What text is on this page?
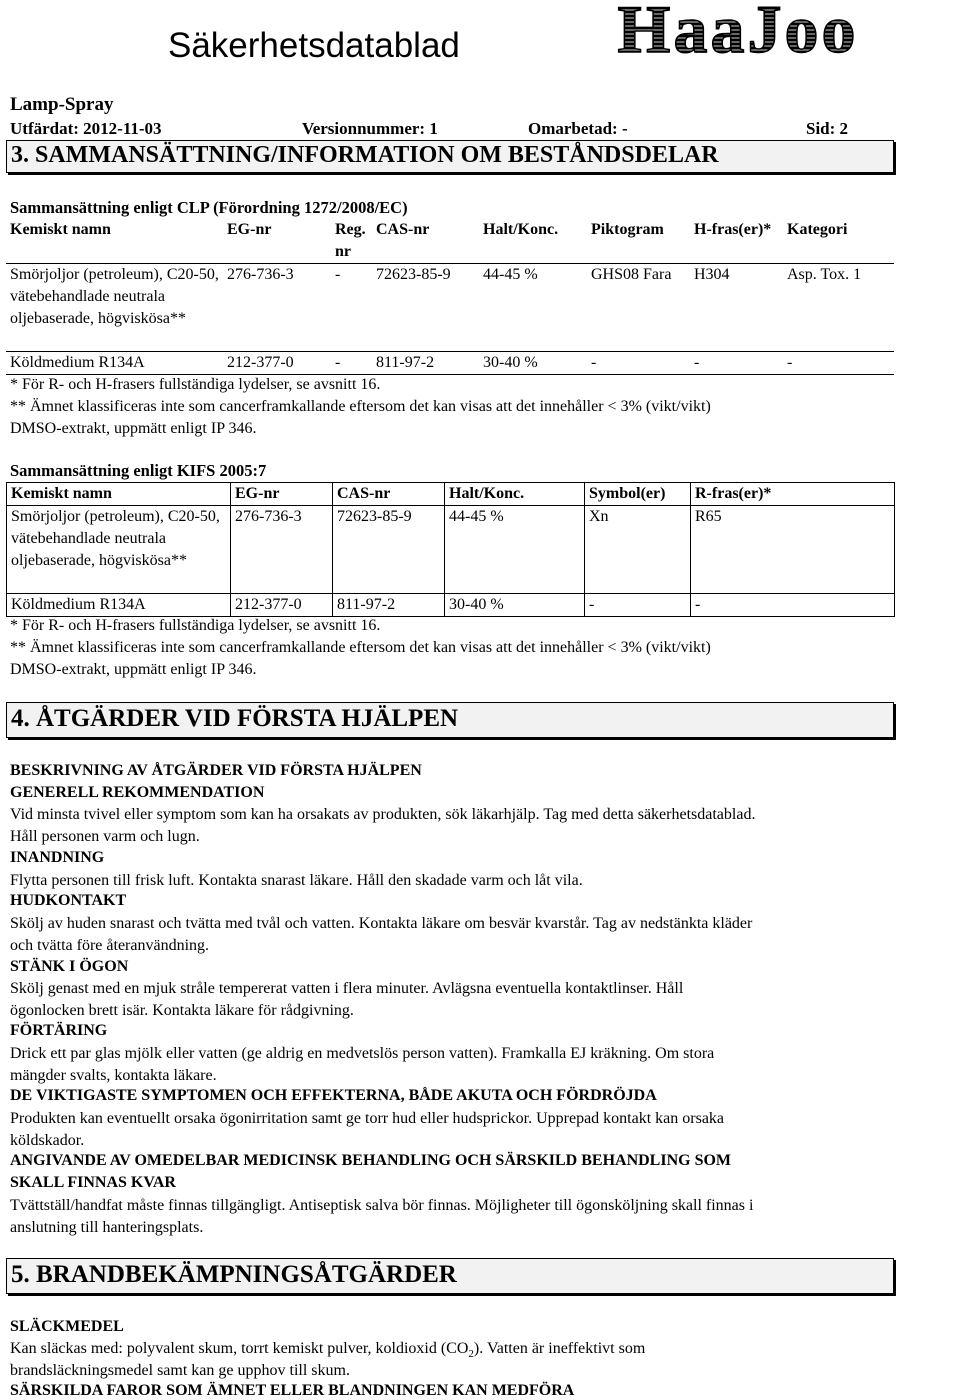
Säkerhetsdatablad HaaJoo
Lamp-Spray
Utfärdat: 2012-11-03	Versionnummer: 1	Omarbetad: -	Sid: 2
3. SAMMANSÄTTNING/INFORMATION OM BESTÅNDSDELAR
Sammansättning enligt CLP (Förordning 1272/2008/EC)
Kemiskt namn	EG-nr	Reg. nr	CAS-nr	Halt/Konc.	Piktogram	H-fras(er)*	Kategori
Smörjoljor (petroleum), C20-50, vätebehandlade neutrala oljebaserade, högviskösa**	276-736-3	-	72623-85-9	44-45 %	GHS08 Fara	H304	Asp. Tox. 1
Köldmedium R134A	212-377-0	-	811-97-2	30-40 %	-	-	-
* För R- och H-frasers fullständiga lydelser, se avsnitt 16.
** Ämnet klassificeras inte som cancerframkallande eftersom det kan visas att det innehåller < 3% (vikt/vikt)
DMSO-extrakt, uppmätt enligt IP 346.
Sammansättning enligt KIFS 2005:7
Kemiskt namn	EG-nr	CAS-nr	Halt/Konc.	Symbol(er)	R-fras(er)*
Smörjoljor (petroleum), C20-50, vätebehandlade neutrala oljebaserade, högviskösa**	276-736-3	72623-85-9	44-45 %	Xn	R65
Köldmedium R134A	212-377-0	811-97-2	30-40 %	-	-
* För R- och H-frasers fullständiga lydelser, se avsnitt 16.
** Ämnet klassificeras inte som cancerframkallande eftersom det kan visas att det innehåller < 3% (vikt/vikt)
DMSO-extrakt, uppmätt enligt IP 346.
4. ÅTGÄRDER VID FÖRSTA HJÄLPEN
BESKRIVNING AV ÅTGÄRDER VID FÖRSTA HJÄLPEN
GENERELL REKOMMENDATION
Vid minsta tvivel eller symptom som kan ha orsakats av produkten, sök läkarhjälp. Tag med detta säkerhetsdatablad.
Håll personen varm och lugn.
INANDNING
Flytta personen till frisk luft. Kontakta snarast läkare. Håll den skadade varm och låt vila.
HUDKONTAKT
Skölj av huden snarast och tvätta med tvål och vatten. Kontakta läkare om besvär kvarstår. Tag av nedstänkta kläder
och tvätta före återanvändning.
STÄNK I ÖGON
Skölj genast med en mjuk stråle tempererat vatten i flera minuter. Avlägsna eventuella kontaktlinser. Håll
ögonlocken brett isär. Kontakta läkare för rådgivning.
FÖRTÄRING
Drick ett par glas mjölk eller vatten (ge aldrig en medvetslös person vatten). Framkalla EJ kräkning. Om stora
mängder svalts, kontakta läkare.
DE VIKTIGASTE SYMPTOMEN OCH EFFEKTERNA, BÅDE AKUTA OCH FÖRDRÖJDA
Produkten kan eventuellt orsaka ögonirritation samt ge torr hud eller hudsprickor. Upprepad kontakt kan orsaka
köldskador.
ANGIVANDE AV OMEDELBAR MEDICINSK BEHANDLING OCH SÄRSKILD BEHANDLING SOM
SKALL FINNAS KVAR
Tvättställ/handfat måste finnas tillgängligt. Antiseptisk salva bör finnas. Möjligheter till ögonsköljning skall finnas i
anslutning till hanteringsplats.
5. BRANDBEKÄMPNINGSÅTGÄRDER
SLÄCKMEDEL
Kan släckas med: polyvalent skum, torrt kemiskt pulver, koldioxid $(CO_2)$. Vatten är ineffektivt som
brandsläckningsmedel samt kan ge upphov till skum.
SÄRSKILDA FAROR SOM ÄMNET ELLER BLANDNINGEN KAN MEDFÖRA
